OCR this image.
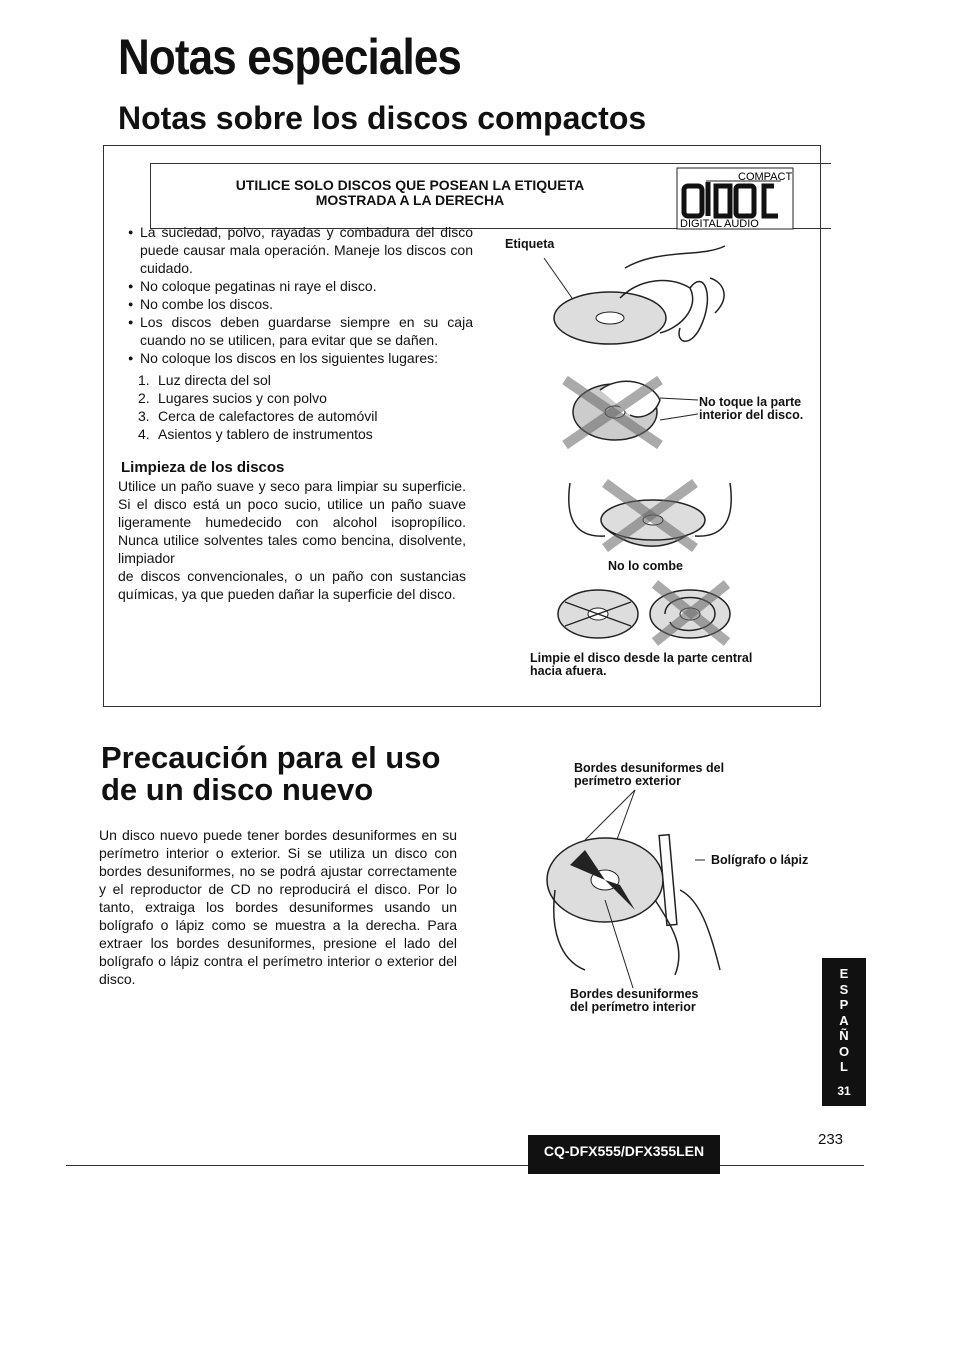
Notas especiales
Notas sobre los discos compactos
UTILICE SOLO DISCOS QUE POSEAN LA ETIQUETA
MOSTRADA A LA DERECHA
COMPACT
DIGITAL AUDIO
● La suciedad, polvo, rayadas y combadura del disco puede causar mala operación. Maneje los discos con cuidado.
● No coloque pegatinas ni raye el disco.
● No combe los discos.
● Los discos deben guardarse siempre en su caja cuando no se utilicen, para evitar que se dañen.
● No coloque los discos en los siguientes lugares:
1. Luz directa del sol
2. Lugares sucios y con polvo
3. Cerca de calefactores de automóvil
4. Asientos y tablero de instrumentos
Limpieza de los discos
Utilice un paño suave y seco para limpiar su superficie. Si el disco está un poco sucio, utilice un paño suave ligeramente humedecido con alcohol isopropílico. Nunca utilice solventes tales como bencina, disolvente, limpiador
de discos convencionales, o un paño con sustancias químicas, ya que pueden dañar la superficie del disco.
Etiqueta
No toque la parte
interior del disco.
No lo combe
Limpie el disco desde la parte central
hacia afuera.
Precaución para el uso
de un disco nuevo
Un disco nuevo puede tener bordes desuniformes en su perímetro interior o exterior. Si se utiliza un disco con bordes desuniformes, no se podrá ajustar correctamente y el reproductor de CD no reproducirá el disco. Por lo tanto, extraiga los bordes desuniformes usando un bolígrafo o lápiz como se muestra a la derecha. Para extraer los bordes desuniformes, presione el lado del bolígrafo o lápiz contra el perímetro interior o exterior del disco.
Bordes desuniformes del
perímetro exterior
Bolígrafo o lápiz
Bordes desuniformes
del perímetro interior
E
S
P
A
Ñ
O
L
31
CQ-DFX555/DFX355LEN
233
